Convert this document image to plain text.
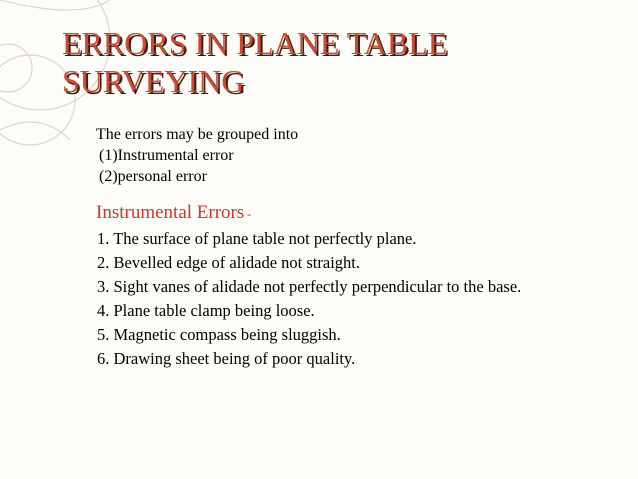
ERRORS IN PLANE TABLE
SURVEYING

The errors may be grouped into

(1)Instrumental error

(2)personal error

Instrumental Errors -
1. The surface of plane table not perfectly plane.
2. Bevelled edge of alidade not straight.
3. Sight vanes of alidade not perfectly perpendicular to the base.
4. Plane table clamp being loose.
5. Magnetic compass being sluggish.
6. Drawing sheet being of poor quality.
